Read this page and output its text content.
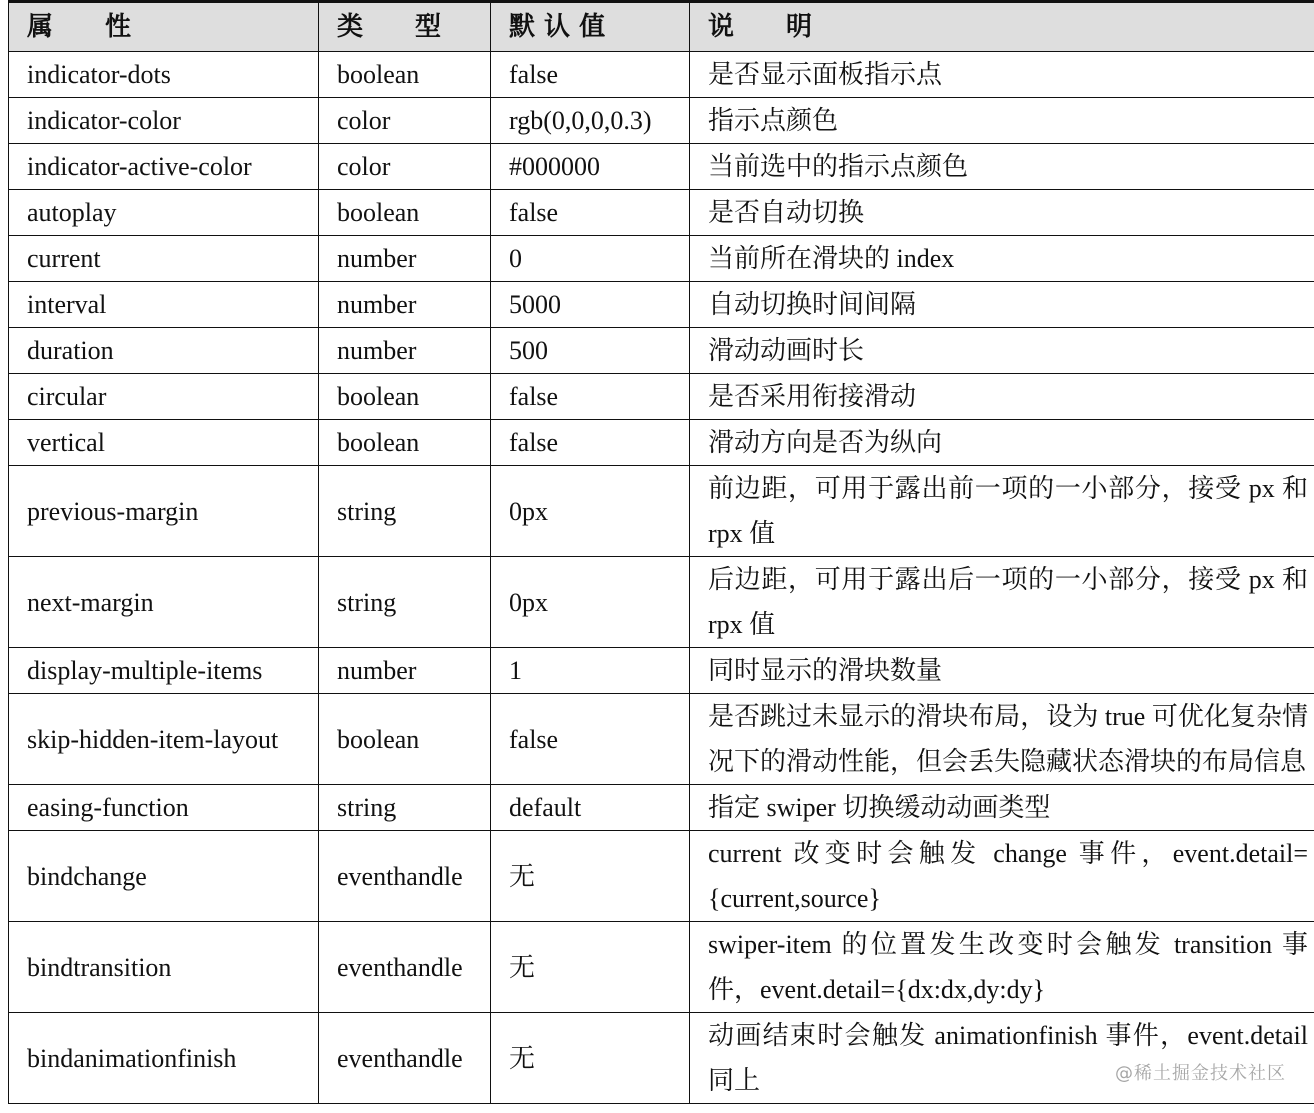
属　　性	类　　型	默 认 值	说　　明
indicator-dots	boolean	false	是否显示面板指示点
indicator-color	color	rgb(0,0,0,0.3)	指示点颜色
indicator-active-color	color	#000000	当前选中的指示点颜色
autoplay	boolean	false	是否自动切换
current	number	0	当前所在滑块的 index
interval	number	5000	自动切换时间间隔
duration	number	500	滑动动画时长
circular	boolean	false	是否采用衔接滑动
vertical	boolean	false	滑动方向是否为纵向
previous-margin	string	0px	前边距，可用于露出前一项的一小部分，接受 px 和 rpx 值
next-margin	string	0px	后边距，可用于露出后一项的一小部分，接受 px 和 rpx 值
display-multiple-items	number	1	同时显示的滑块数量
skip-hidden-item-layout	boolean	false	是否跳过未显示的滑块布局，设为 true 可优化复杂情况下的滑动性能，但会丢失隐藏状态滑块的布局信息
easing-function	string	default	指定 swiper 切换缓动动画类型
bindchange	eventhandle	无	current 改变时会触发 change 事件，event.detail={current,source}
bindtransition	eventhandle	无	swiper-item 的位置发生改变时会触发 transition 事件，event.detail={dx:dx,dy:dy}
bindanimationfinish	eventhandle	无	动画结束时会触发 animationfinish 事件，event.detail 同上	@稀土掘金技术社区
